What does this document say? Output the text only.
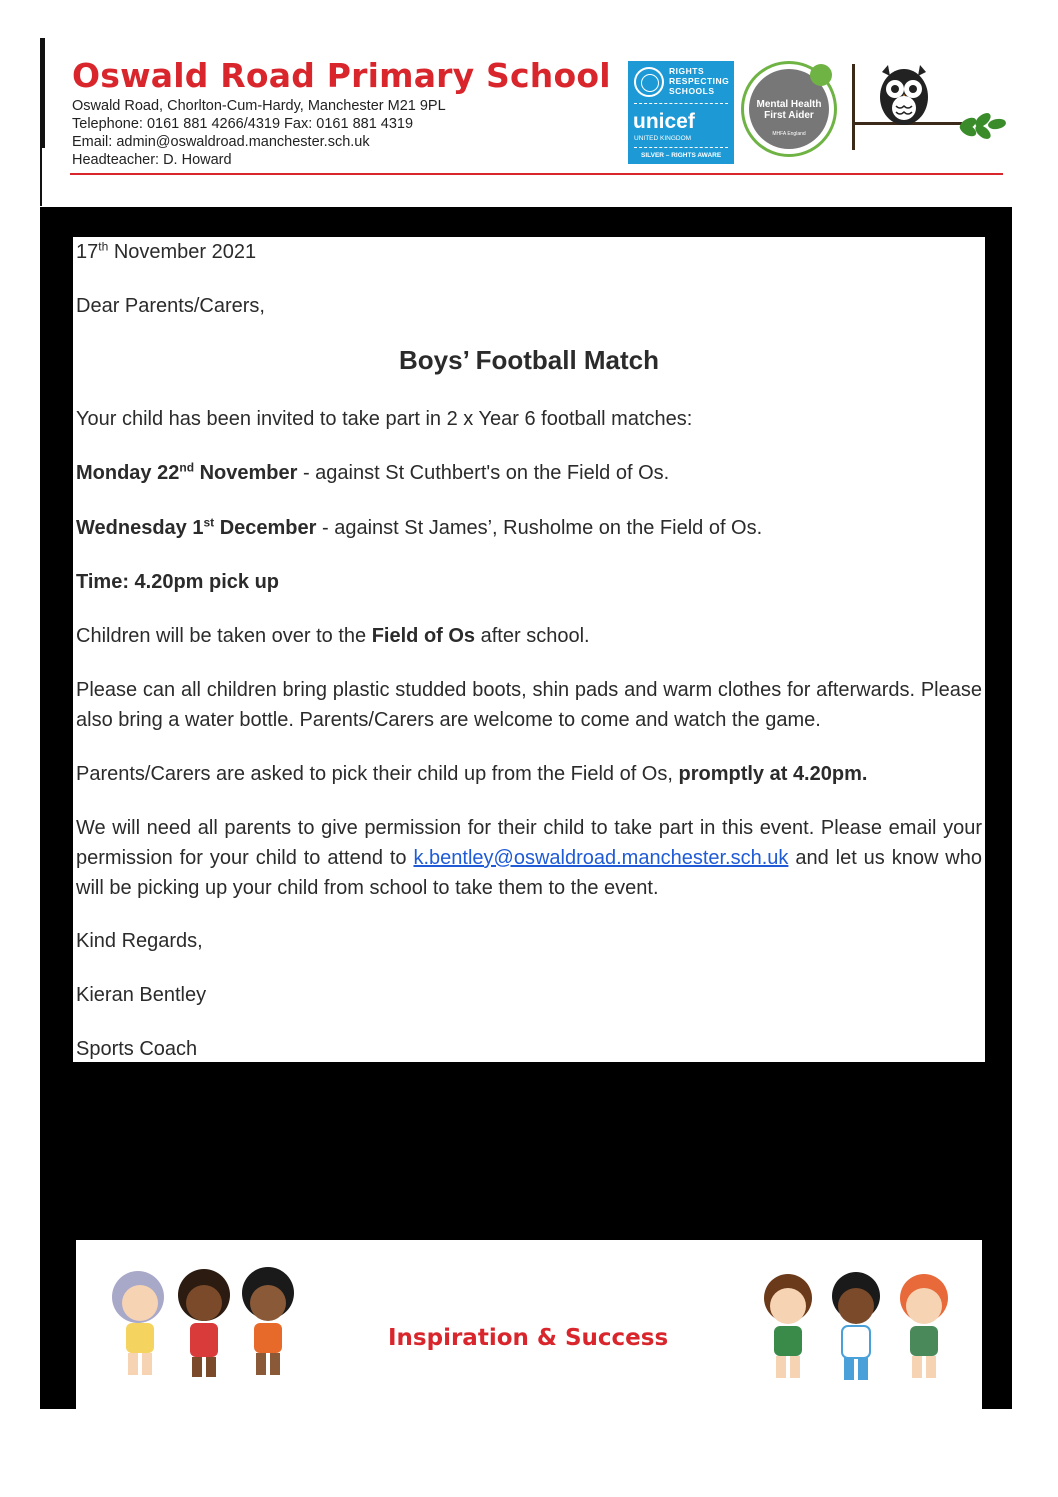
Oswald Road Primary School
Oswald Road, Chorlton-Cum-Hardy, Manchester M21 9PL
Telephone: 0161 881 4266/4319 Fax: 0161 881 4319
Email: admin@oswaldroad.manchester.sch.uk
Headteacher: D. Howard
RIGHTS
RESPECTING
SCHOOLS
unicef
UNITED KINGDOM
SILVER – RIGHTS AWARE
Mental Health
First Aider
MHFA England

17th November 2021

Dear Parents/Carers,

Boys’ Football Match

Your child has been invited to take part in 2 x Year 6 football matches:

Monday 22nd November - against St Cuthbert's on the Field of Os.

Wednesday 1st December - against St James’, Rusholme on the Field of Os.

Time: 4.20pm pick up

Children will be taken over to the Field of Os after school.

Please can all children bring plastic studded boots, shin pads and warm clothes for afterwards. Please also bring a water bottle. Parents/Carers are welcome to come and watch the game.

Parents/Carers are asked to pick their child up from the Field of Os, promptly at 4.20pm.

We will need all parents to give permission for their child to take part in this event. Please email your permission for your child to attend to k.bentley@oswaldroad.manchester.sch.uk and let us know who will be picking up your child from school to take them to the event.

Kind Regards,

Kieran Bentley

Sports Coach

Inspiration & Success
